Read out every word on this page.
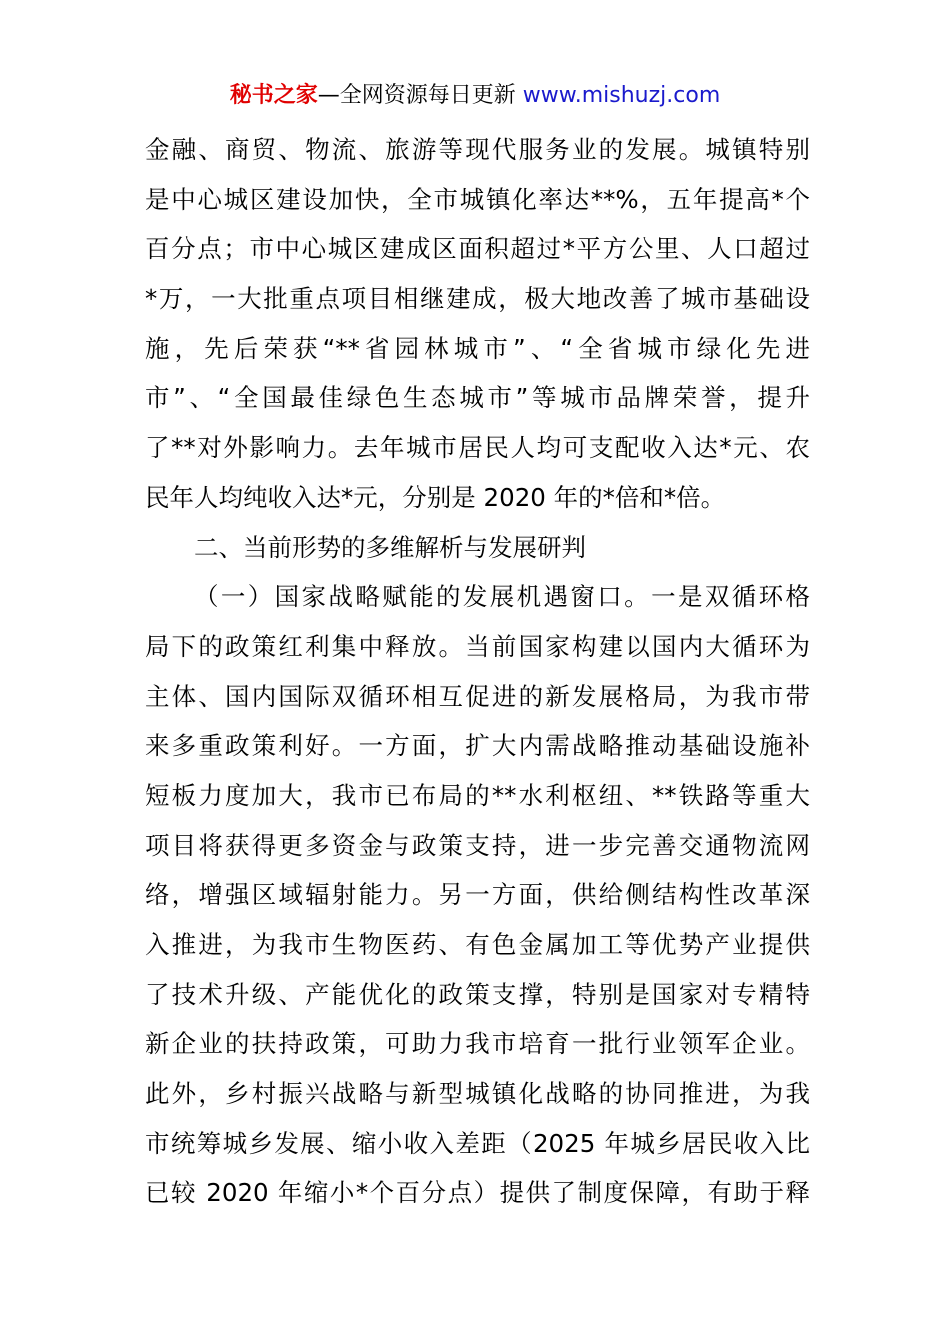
秘书之家—全网资源每日更新 www.mishuzj.com
金融、商贸、物流、旅游等现代服务业的发展。城镇特别
是中心城区建设加快，全市城镇化率达**%，五年提高*个
百分点；市中心城区建成区面积超过*平方公里、人口超过
*万，一大批重点项目相继建成，极大地改善了城市基础设
施，先后荣获“**省园林城市”、“全省城市绿化先进
市”、“全国最佳绿色生态城市”等城市品牌荣誉，提升
了**对外影响力。去年城市居民人均可支配收入达*元、农
民年人均纯收入达*元，分别是 2020 年的*倍和*倍。
二、当前形势的多维解析与发展研判
（一）国家战略赋能的发展机遇窗口。一是双循环格
局下的政策红利集中释放。当前国家构建以国内大循环为
主体、国内国际双循环相互促进的新发展格局，为我市带
来多重政策利好。一方面，扩大内需战略推动基础设施补
短板力度加大，我市已布局的**水利枢纽、**铁路等重大
项目将获得更多资金与政策支持，进一步完善交通物流网
络，增强区域辐射能力。另一方面，供给侧结构性改革深
入推进，为我市生物医药、有色金属加工等优势产业提供
了技术升级、产能优化的政策支撑，特别是国家对专精特
新企业的扶持政策，可助力我市培育一批行业领军企业。
此外，乡村振兴战略与新型城镇化战略的协同推进，为我
市统筹城乡发展、缩小收入差距（2025 年城乡居民收入比
已较 2020 年缩小*个百分点）提供了制度保障，有助于释
